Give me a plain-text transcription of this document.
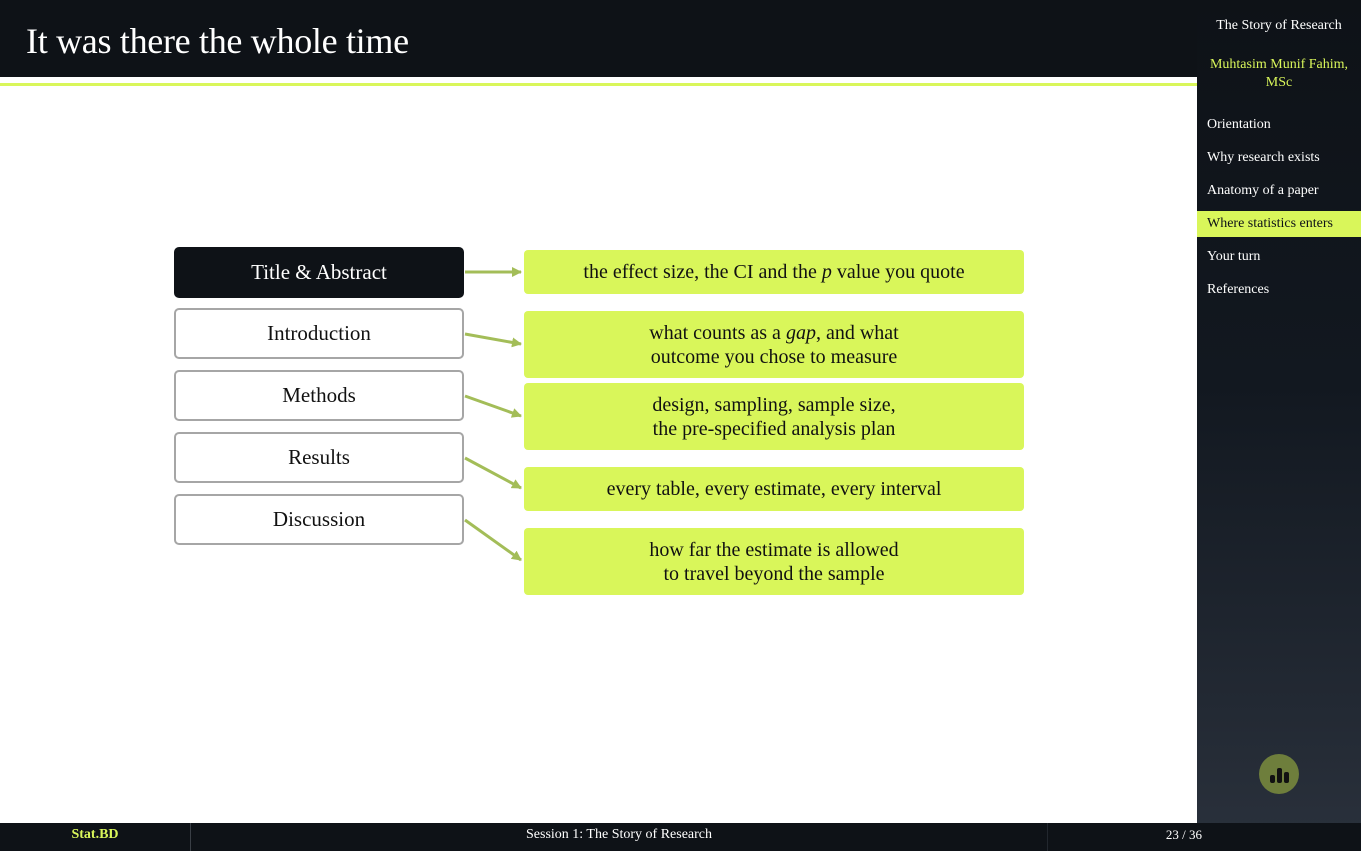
It was there the whole time
Title & Abstract
Introduction
Methods
Results
Discussion
the effect size, the CI and the p value you quote
what counts as a gap, and what
outcome you chose to measure
design, sampling, sample size,
the pre-specified analysis plan
every table, every estimate, every interval
how far the estimate is allowed
to travel beyond the sample
The Story of Research
Muhtasim Munif Fahim, MSc
Orientation
Why research exists
Anatomy of a paper
Where statistics enters
Your turn
References
Stat.BD	Session 1: The Story of Research	23 / 36
